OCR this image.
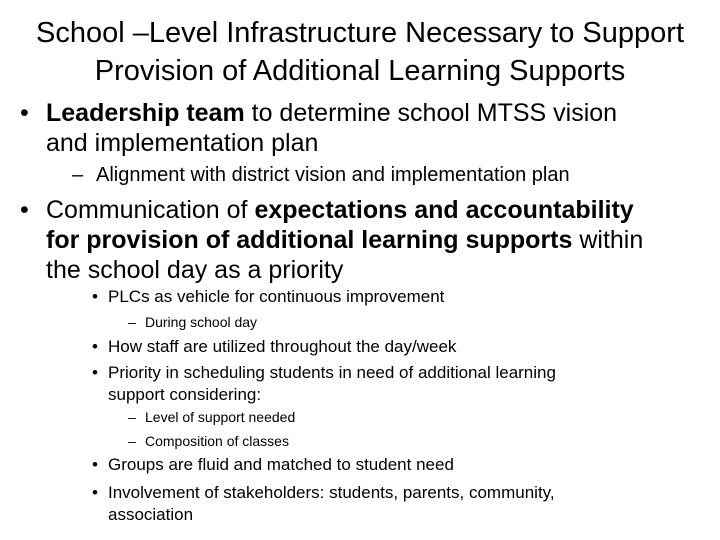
School –Level Infrastructure Necessary to Support
Provision of Additional Learning Supports
• Leadership team to determine school MTSS vision
and implementation plan
– Alignment with district vision and implementation plan
• Communication of expectations and accountability
for provision of additional learning supports within
the school day as a priority
• PLCs as vehicle for continuous improvement
– During school day
• How staff are utilized throughout the day/week
• Priority in scheduling students in need of additional learning
support considering:
– Level of support needed
– Composition of classes
• Groups are fluid and matched to student need
• Involvement of stakeholders: students, parents, community,
association
